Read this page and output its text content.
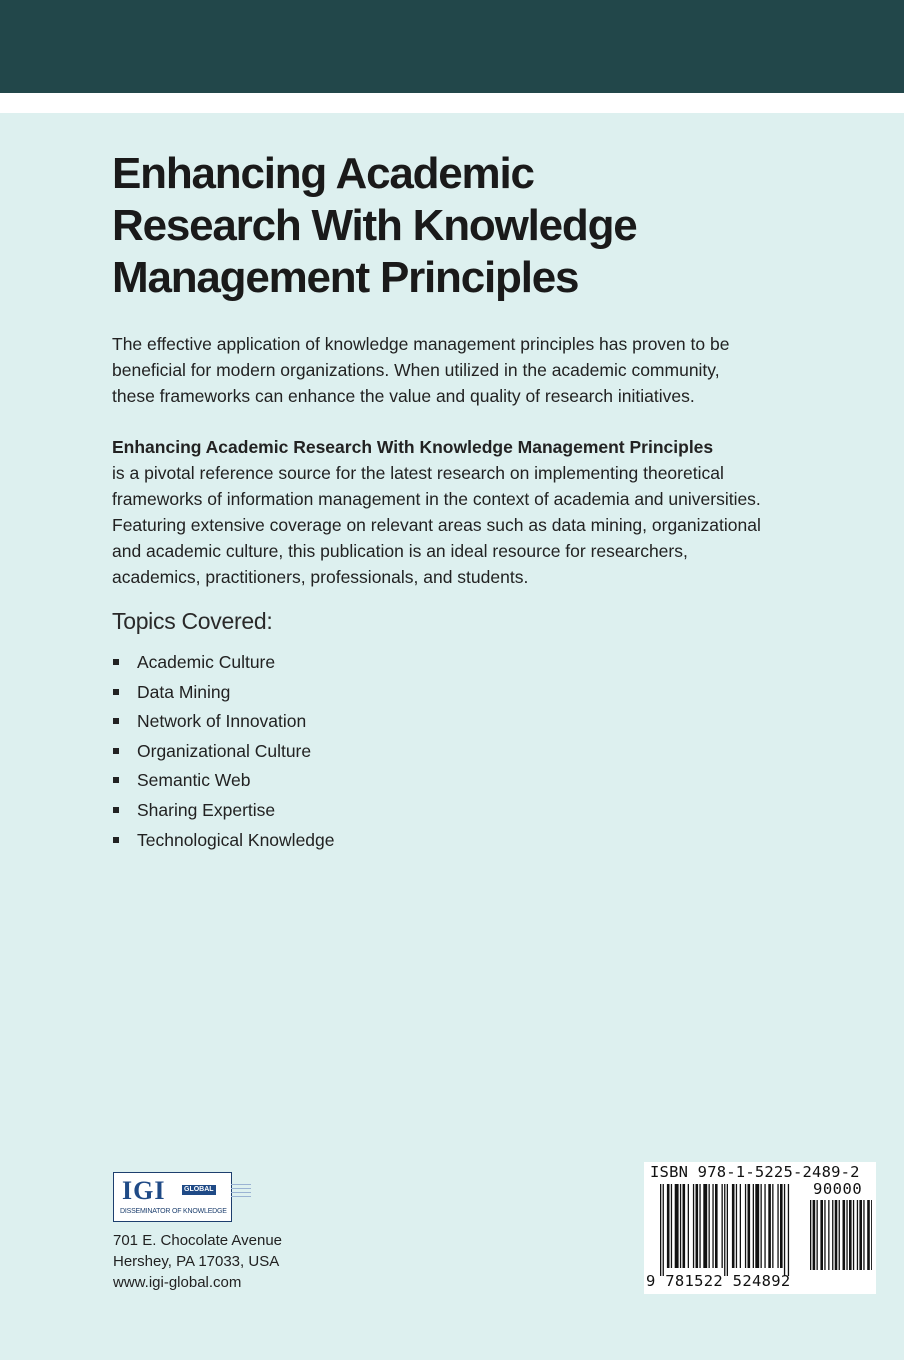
Enhancing Academic
Research With Knowledge
Management Principles

The effective application of knowledge management principles has proven to be
beneficial for modern organizations. When utilized in the academic community,
these frameworks can enhance the value and quality of research initiatives.

Enhancing Academic Research With Knowledge Management Principles
is a pivotal reference source for the latest research on implementing theoretical
frameworks of information management in the context of academia and universities.
Featuring extensive coverage on relevant areas such as data mining, organizational
and academic culture, this publication is an ideal resource for researchers,
academics, practitioners, professionals, and students.

Topics Covered:
Academic Culture
Data Mining
Network of Innovation
Organizational Culture
Semantic Web
Sharing Expertise
Technological Knowledge
IGI	GLOBAL
DISSEMINATOR OF KNOWLEDGE

701 E. Chocolate Avenue
Hershey, PA 17033, USA
www.igi-global.com

ISBN 978-1-5225-2489-2

90000

9 781522 524892
